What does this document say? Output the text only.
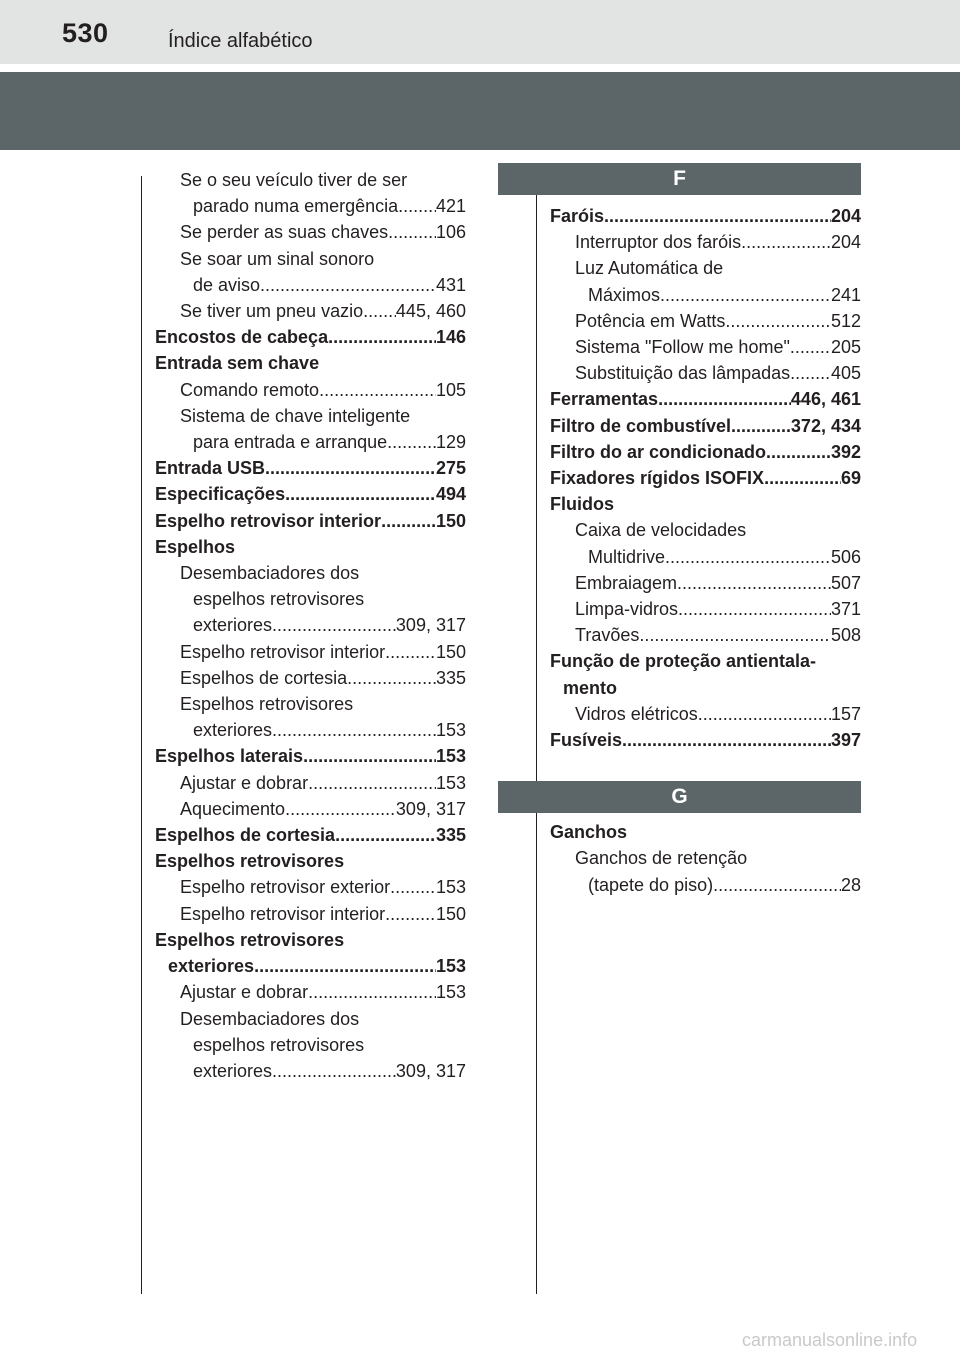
530	Índice alfabético
Se o seu veículo tiver de ser
parado numa emergência ..... 421
Se perder as suas chaves .....	106
Se soar um sinal sonoro
de aviso .....	431
Se tiver um pneu vazio ..... 445, 460
Encostos de cabeça .....	146
Entrada sem chave
Comando remoto .....	105
Sistema de chave inteligente
para entrada e arranque .....	129
Entrada USB .....	275
Especificações .....	494
Espelho retrovisor interior .....	150
Espelhos
Desembaciadores dos
espelhos retrovisores
exteriores .....	309, 317
Espelho retrovisor interior .....	150
Espelhos de cortesia .....	335
Espelhos retrovisores
exteriores .....	153
Espelhos laterais .....	153
Ajustar e dobrar .....	153
Aquecimento .....	309, 317
Espelhos de cortesia .....	335
Espelhos retrovisores
Espelho retrovisor exterior .....	153
Espelho retrovisor interior .....	150
Espelhos retrovisores
exteriores .....	153
Ajustar e dobrar .....	153
Desembaciadores dos
espelhos retrovisores
exteriores .....	309, 317
F
Faróis .....	204
Interruptor dos faróis .....	204
Luz Automática de
Máximos .....	241
Potência em Watts .....	512
Sistema "Follow me home" ..... 205
Substituição das lâmpadas ..... 405
Ferramentas .....	446, 461
Filtro de combustível .....	372, 434
Filtro do ar condicionado .....	392
Fixadores rígidos ISOFIX .....	69
Fluidos
Caixa de velocidades
Multidrive .....	506
Embraiagem .....	507
Limpa-vidros .....	371
Travões .....	508
Função de proteção antientala-
mento
Vidros elétricos .....	157
Fusíveis .....	397
G
Ganchos
Ganchos de retenção
(tapete do piso) .....	28
carmanualsonline.info
